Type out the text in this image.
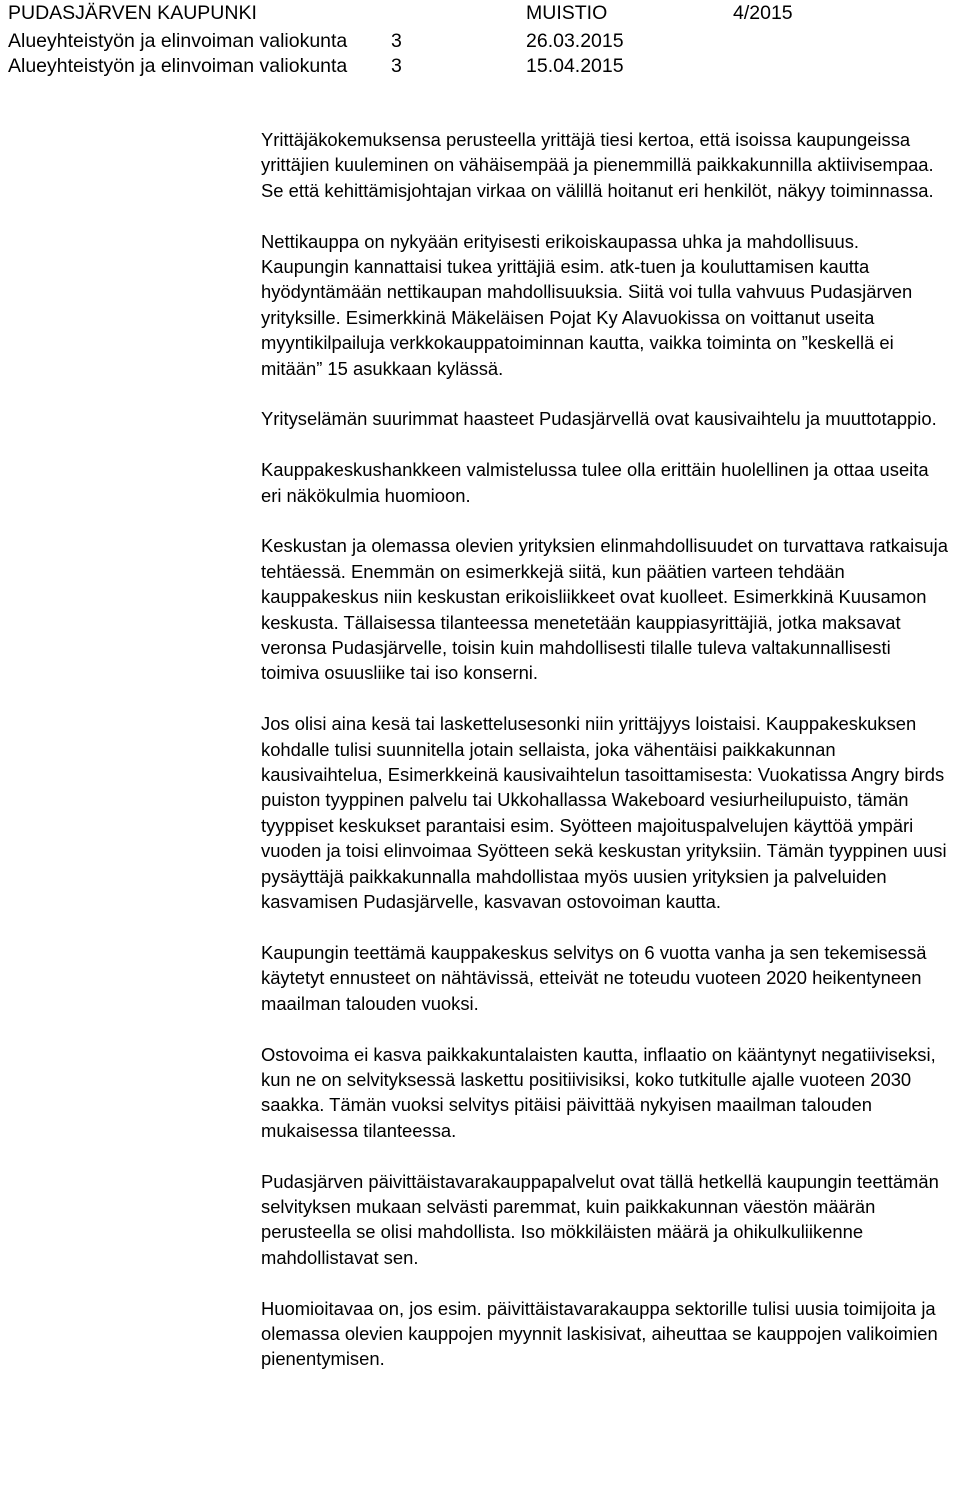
PUDASJÄRVEN KAUPUNKI	MUISTIO	4/2015
Alueyhteistyön ja elinvoiman valiokunta 3	26.03.2015
Alueyhteistyön ja elinvoiman valiokunta 3	15.04.2015

Yrittäjäkokemuksensa perusteella yrittäjä tiesi kertoa, että isoissa kaupungeissa yrittäjien kuuleminen on vähäisempää ja pienemmillä paikkakunnilla aktiivisempaa. Se että kehittämisjohtajan virkaa on välillä hoitanut eri henkilöt, näkyy toiminnassa.

Nettikauppa on nykyään erityisesti erikoiskaupassa uhka ja mahdollisuus. Kaupungin kannattaisi tukea yrittäjiä esim. atk-tuen ja kouluttamisen kautta hyödyntämään nettikaupan mahdollisuuksia. Siitä voi tulla vahvuus Pudasjärven yrityksille. Esimerkkinä Mäkeläisen Pojat Ky Alavuokissa on voittanut useita myyntikilpailuja verkkokauppatoiminnan kautta, vaikka toiminta on ”keskellä ei mitään” 15 asukkaan kylässä.

Yrityselämän suurimmat haasteet Pudasjärvellä ovat kausivaihtelu ja muuttotappio.

Kauppakeskushankkeen valmistelussa tulee olla erittäin huolellinen ja ottaa useita eri näkökulmia huomioon.

Keskustan ja olemassa olevien yrityksien elinmahdollisuudet on turvattava ratkaisuja tehtäessä. Enemmän on esimerkkejä siitä, kun päätien varteen tehdään kauppakeskus niin keskustan erikoisliikkeet ovat kuolleet. Esimerkkinä Kuusamon keskusta. Tällaisessa tilanteessa menetetään kauppiasyrittäjiä, jotka maksavat veronsa Pudasjärvelle, toisin kuin mahdollisesti tilalle tuleva valtakunnallisesti toimiva osuusliike tai iso konserni.

Jos olisi aina kesä tai laskettelusesonki niin yrittäjyys loistaisi. Kauppakeskuksen kohdalle tulisi suunnitella jotain sellaista, joka vähentäisi paikkakunnan kausivaihtelua, Esimerkkeinä kausivaihtelun tasoittamisesta: Vuokatissa Angry birds puiston tyyppinen palvelu tai Ukkohallassa Wakeboard vesiurheilupuisto, tämän tyyppiset keskukset parantaisi esim. Syötteen majoituspalvelujen käyttöä ympäri vuoden ja toisi elinvoimaa Syötteen sekä keskustan yrityksiin. Tämän tyyppinen uusi pysäyttäjä paikkakunnalla mahdollistaa myös uusien yrityksien ja palveluiden kasvamisen Pudasjärvelle, kasvavan ostovoiman kautta.

Kaupungin teettämä kauppakeskus selvitys on 6 vuotta vanha ja sen tekemisessä käytetyt ennusteet on nähtävissä, etteivät ne toteudu vuoteen 2020 heikentyneen maailman talouden vuoksi.

Ostovoima ei kasva paikkakuntalaisten kautta, inflaatio on kääntynyt negatiiviseksi, kun ne on selvityksessä laskettu positiivisiksi, koko tutkitulle ajalle vuoteen 2030 saakka. Tämän vuoksi selvitys pitäisi päivittää nykyisen maailman talouden mukaisessa tilanteessa.

Pudasjärven päivittäistavarakauppapalvelut ovat tällä hetkellä kaupungin teettämän selvityksen mukaan selvästi paremmat, kuin paikkakunnan väestön määrän perusteella se olisi mahdollista. Iso mökkiläisten määrä ja ohikulkuliikenne mahdollistavat sen.

Huomioitavaa on, jos esim. päivittäistavarakauppa sektorille tulisi uusia toimijoita ja olemassa olevien kauppojen myynnit laskisivat, aiheuttaa se kauppojen valikoimien pienentymisen.
